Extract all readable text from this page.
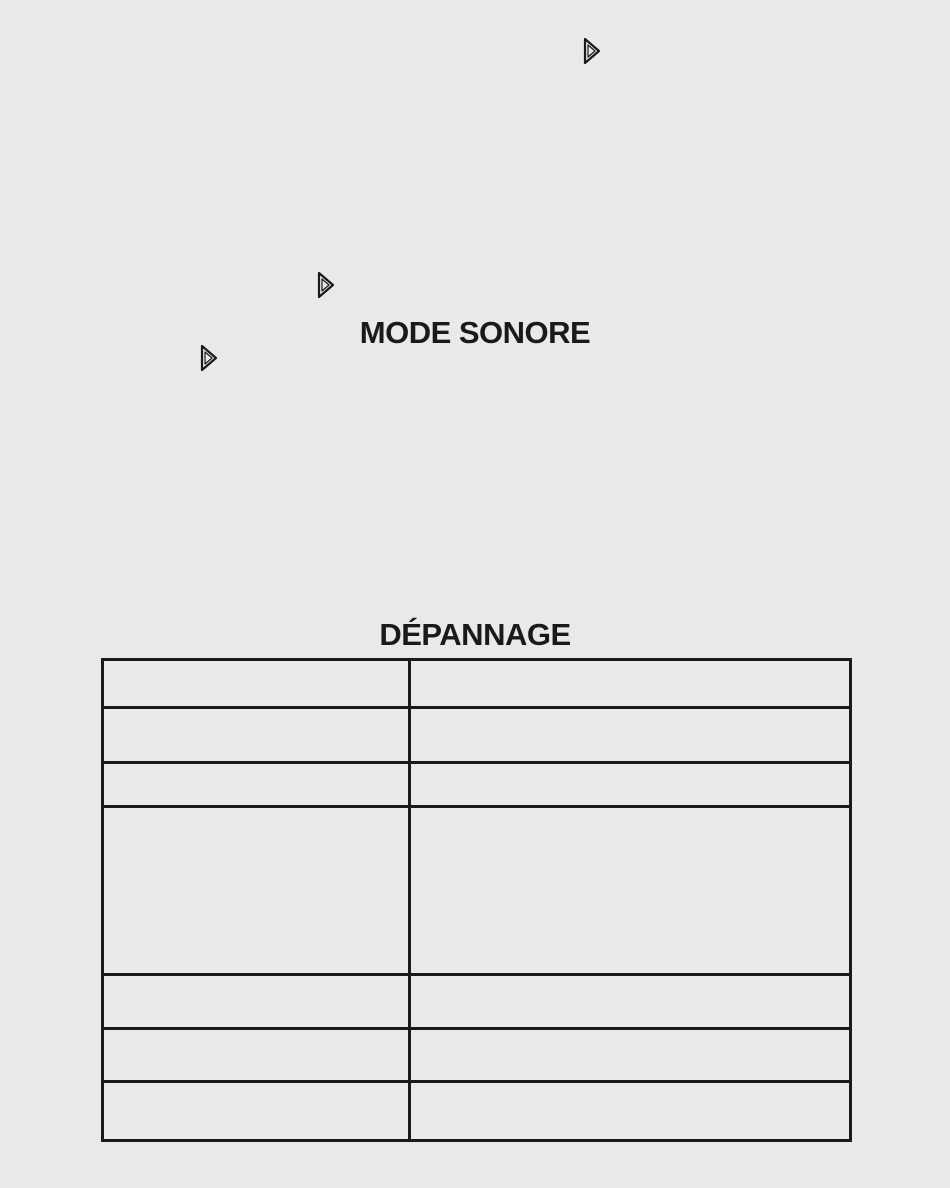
MODE SONORE
DÉPANNAGE
